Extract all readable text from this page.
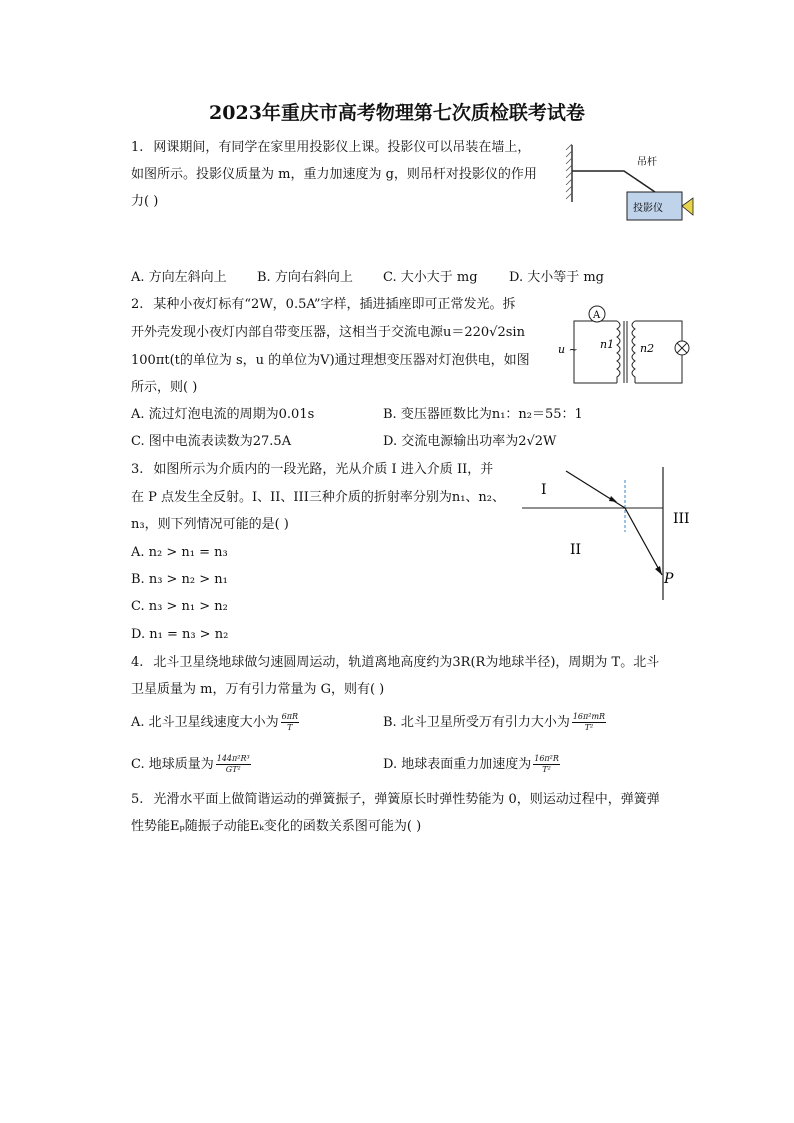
2023年重庆市高考物理第七次质检联考试卷
1. 网课期间，有同学在家里用投影仪上课。投影仪可以吊装在墙上，
如图所示。投影仪质量为 m，重力加速度为 g，则吊杆对投影仪的作用
力( )
吊杆
投影仪
A. 方向左斜向上 B. 方向右斜向上 C. 大小大于 mg D. 大小等于 mg
2. 某种小夜灯标有“2W，0.5A”字样，插进插座即可正常发光。拆
开外壳发现小夜灯内部自带变压器，这相当于交流电源u＝220√2sin
100πt(t的单位为 s，u 的单位为V)通过理想变压器对灯泡供电，如图
所示，则( )
A
u ~ n1 n2
A. 流过灯泡电流的周期为0.01s	B. 变压器匝数比为n₁：n₂＝55：1
C. 图中电流表读数为27.5A	D. 交流电源输出功率为2√2W
3. 如图所示为介质内的一段光路，光从介质 I 进入介质 II，并
在 P 点发生全反射。I、II、III三种介质的折射率分别为n₁、n₂、
n₃，则下列情况可能的是( )
I
II
III
P
A. n₂ > n₁ = n₃
B. n₃ > n₂ > n₁
C. n₃ > n₁ > n₂
D. n₁ = n₃ > n₂
4. 北斗卫星绕地球做匀速圆周运动，轨道离地高度约为3R(R为地球半径)，周期为 T。北斗
卫星质量为 m，万有引力常量为 G，则有( )
A. 北斗卫星线速度大小为 $\frac{6\pi R}{T}$	B. 北斗卫星所受万有引力大小为 $\frac{\text{16π²mR}}{\text{T²}}$
C. 地球质量为 $\frac{\text{144π²R³}}{\text{GT²}}$	D. 地球表面重力加速度为 $\frac{\text{16π²R}}{\text{T²}}$
5. 光滑水平面上做简谐运动的弹簧振子，弹簧原长时弹性势能为 0，则运动过程中，弹簧弹
性势能Eₚ随振子动能Eₖ变化的函数关系图可能为( )
